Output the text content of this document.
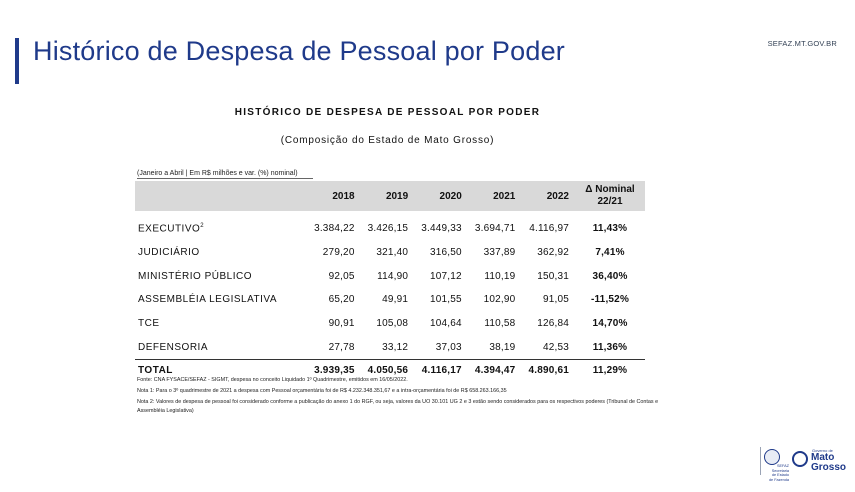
Histórico de Despesa de Pessoal por Poder	SEFAZ.MT.GOV.BR
HISTÓRICO DE DESPESA DE PESSOAL POR PODER
(Composição do Estado de Mato Grosso)
(Janeiro a Abril | Em R$ milhões e var. (%) nominal)
	2018	2019	2020	2021	2022	Δ Nominal 22/21
EXECUTIVO$^2$	3.384,22	3.426,15	3.449,33	3.694,71	4.116,97	11,43%
JUDICIÁRIO	279,20	321,40	316,50	337,89	362,92	7,41%
MINISTÉRIO PÚBLICO	92,05	114,90	107,12	110,19	150,31	36,40%
ASSEMBLÉIA LEGISLATIVA	65,20	49,91	101,55	102,90	91,05	-11,52%
TCE	90,91	105,08	104,64	110,58	126,84	14,70%
DEFENSORIA	27,78	33,12	37,03	38,19	42,53	11,36%
TOTAL	3.939,35	4.050,56	4.116,17	4.394,47	4.890,61	11,29%

Fonte: CNA FYSACE/SEFAZ - SIGMT, despesa no conceito Liquidado 1º Quadrimestre, emitidos em 16/05/2022.

Nota 1: Para o 3º quadrimestre de 2021 a despesa com Pessoal orçamentária foi de R$ 4.232.348.351,67 e a intra-orçamentária foi de R$ 658.263.166,35

Nota 2: Valores de despesa de pessoal foi considerado conforme a publicação do anexo 1 do RGF, ou seja, valores da UO 30.101 UG 2 e 3 estão sendo considerados para os respectivos poderes (Tribunal de Contas e Assembléia Legislativa)

SEFAZ
Secretaria
de Estado
de Fazenda
Governo de
Mato
Grosso
